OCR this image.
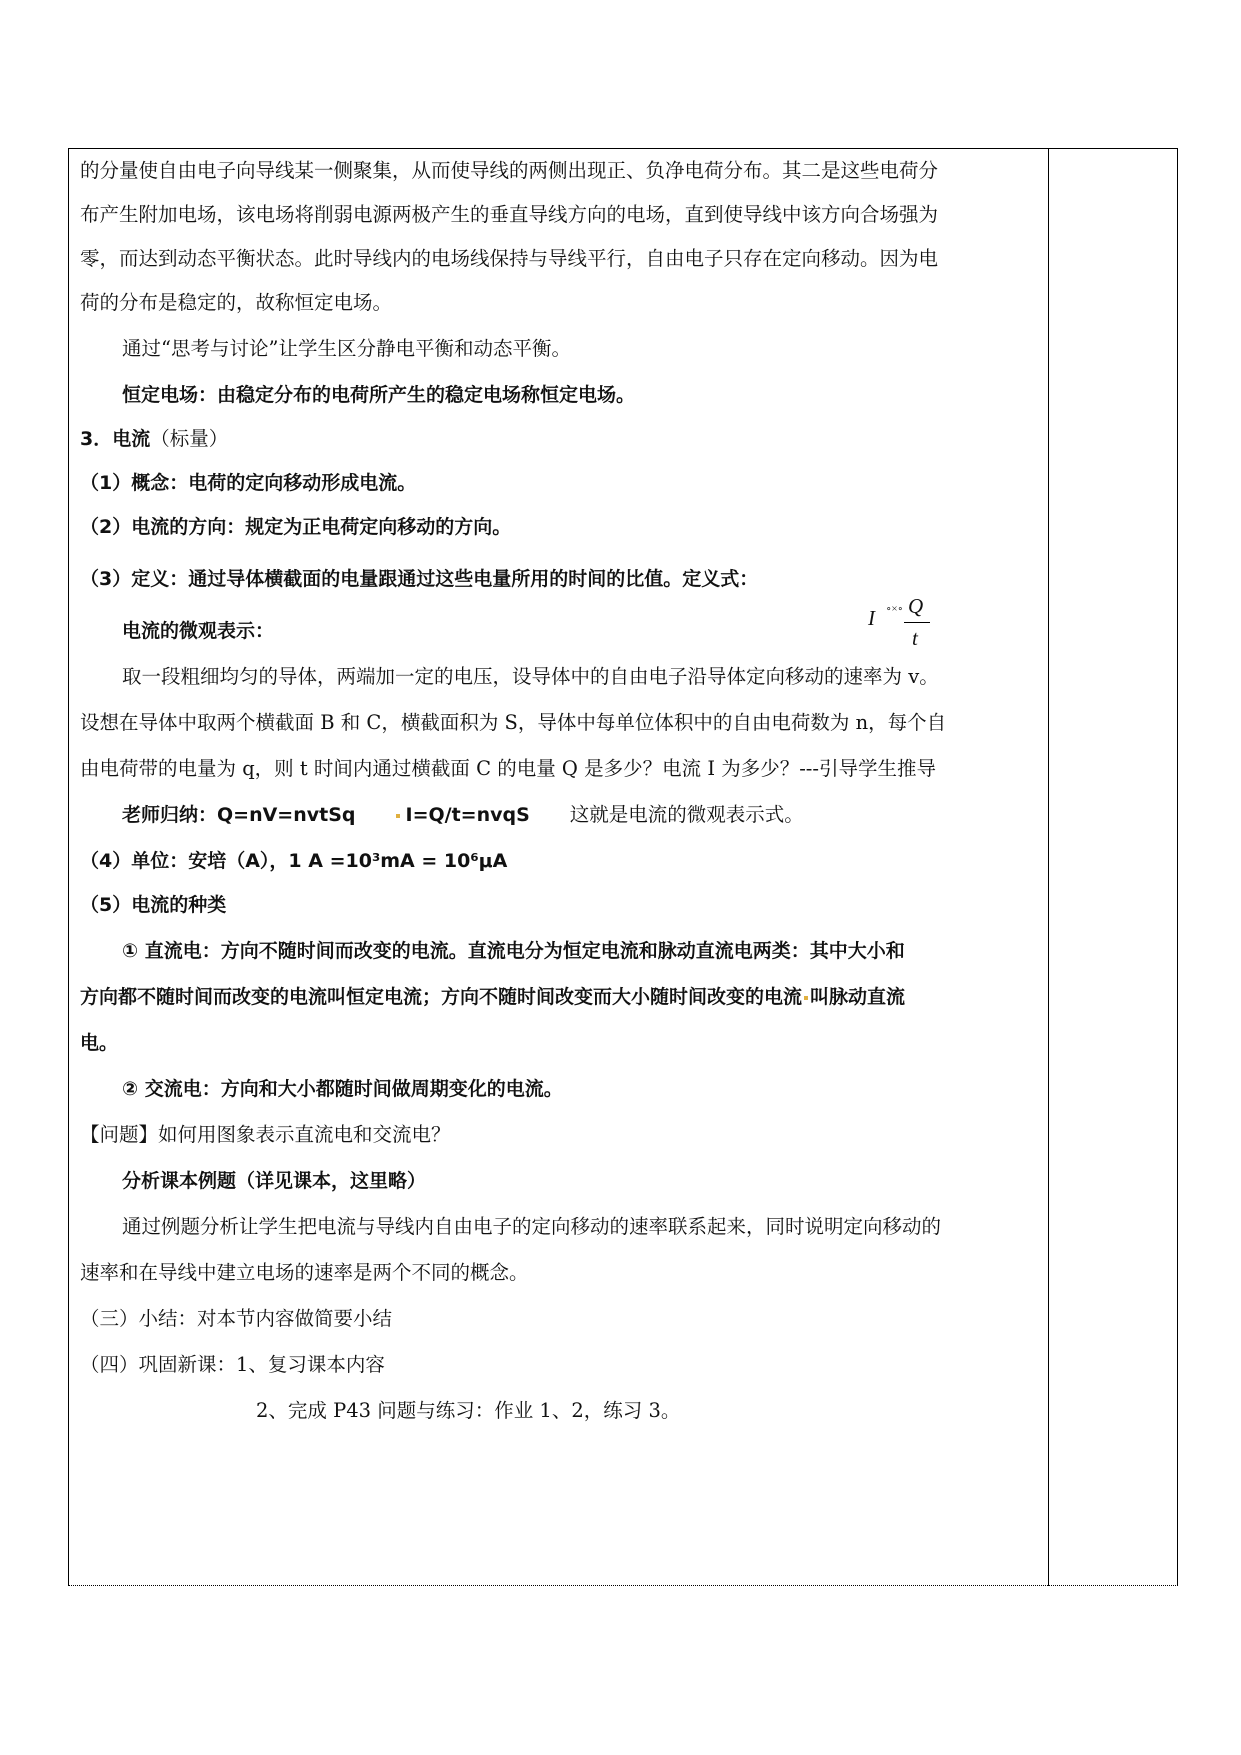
的分量使自由电子向导线某一侧聚集，从而使导线的两侧出现正、负净电荷分布。其二是这些电荷分
布产生附加电场，该电场将削弱电源两极产生的垂直导线方向的电场，直到使导线中该方向合场强为
零，而达到动态平衡状态。此时导线内的电场线保持与导线平行，自由电子只存在定向移动。因为电
荷的分布是稳定的，故称恒定电场。
通过“思考与讨论”让学生区分静电平衡和动态平衡。
恒定电场：由稳定分布的电荷所产生的稳定电场称恒定电场。
3．电流（标量）
（1）概念：电荷的定向移动形成电流。
（2）电流的方向：规定为正电荷定向移动的方向。
（3）定义：通过导体横截面的电量跟通过这些电量所用的时间的比值。定义式：
电流的微观表示：
取一段粗细均匀的导体，两端加一定的电压，设导体中的自由电子沿导体定向移动的速率为 v。
设想在导体中取两个横截面 B 和 C，横截面积为 S，导体中每单位体积中的自由电荷数为 n，每个自
由电荷带的电量为 q，则 t 时间内通过横截面 C 的电量 Q 是多少？电流 I 为多少？---引导学生推导
老师归纳：Q=nV=nvtSq	I=Q/t=nvqS 这就是电流的微观表示式。
（4）单位：安培（A），1 A =10³mA = 10⁶μA
（5）电流的种类
① 直流电：方向不随时间而改变的电流。直流电分为恒定电流和脉动直流电两类：其中大小和
方向都不随时间而改变的电流叫恒定电流；方向不随时间改变而大小随时间改变的电流 叫脉动直流
电。
② 交流电：方向和大小都随时间做周期变化的电流。
【问题】如何用图象表示直流电和交流电？
分析课本例题（详见课本，这里略）
通过例题分析让学生把电流与导线内自由电子的定向移动的速率联系起来，同时说明定向移动的
速率和在导线中建立电场的速率是两个不同的概念。
（三）小结：对本节内容做简要小结
（四）巩固新课：1、复习课本内容
2、完成 P43 问题与练习：作业 1、2，练习 3。
I ∘×∘ Q
t
